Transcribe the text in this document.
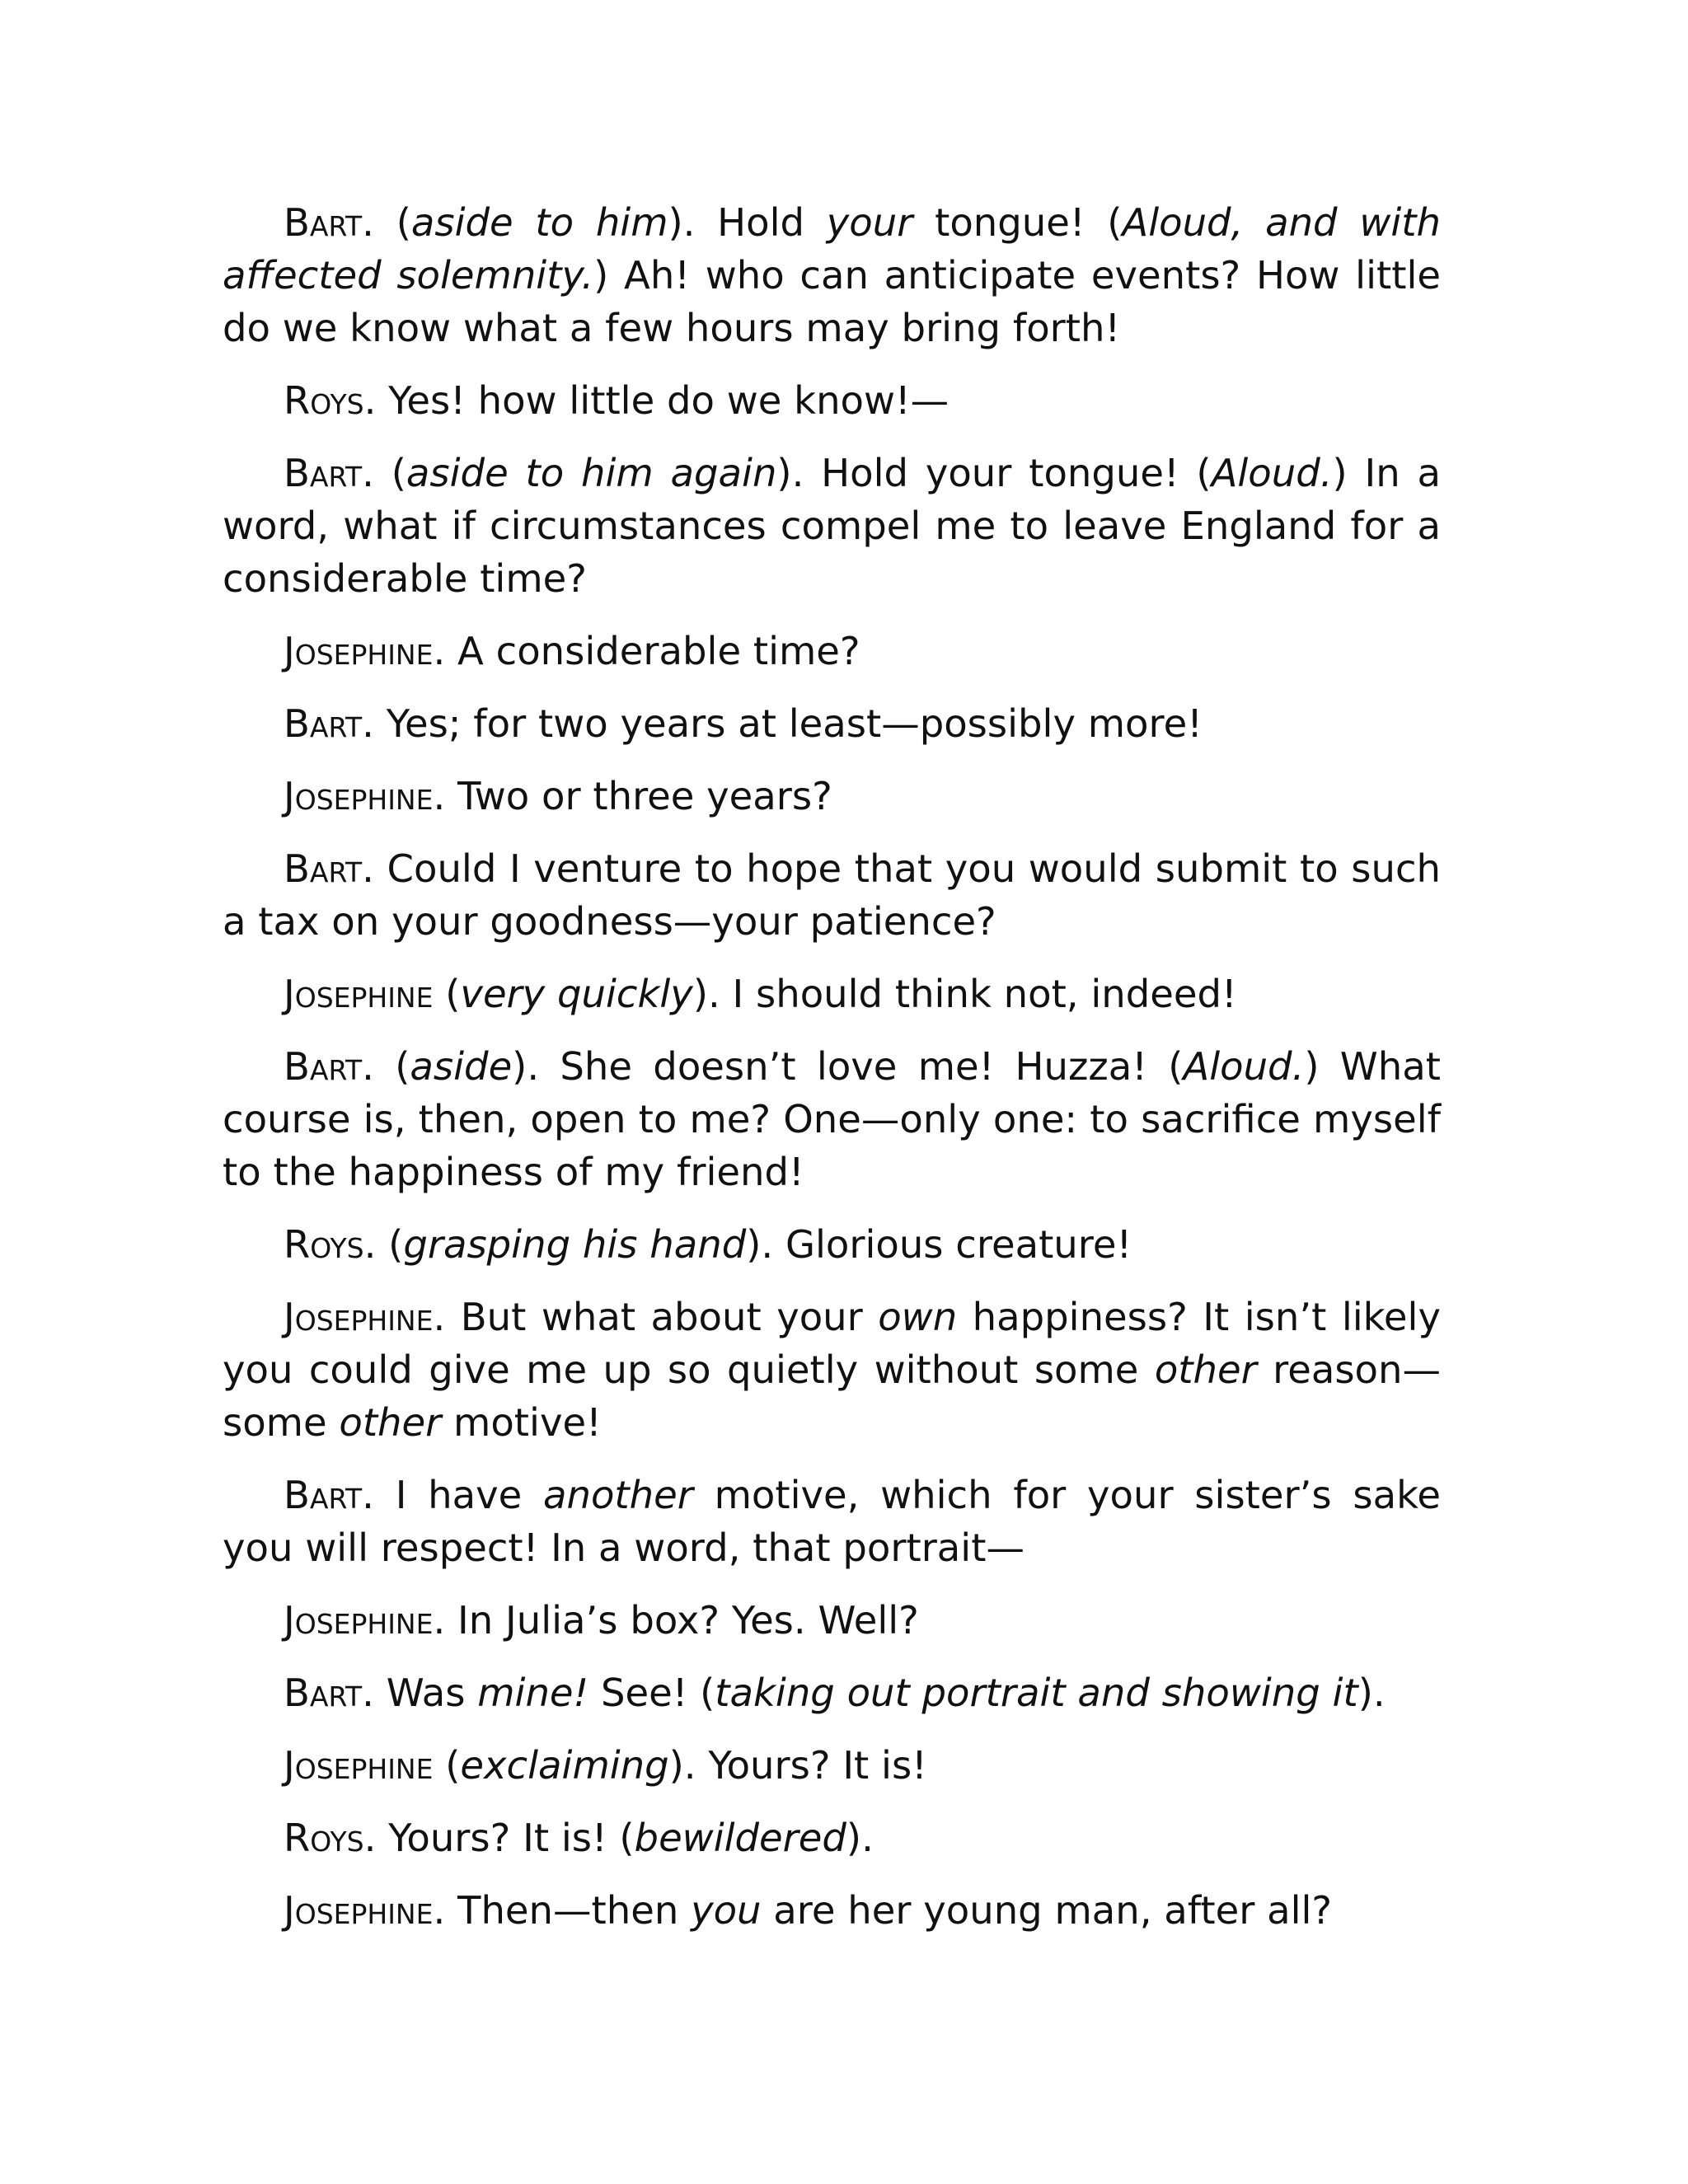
Bart. (aside to him). Hold your tongue! (Aloud, and with affected solemnity.) Ah! who can anticipate events? How little do we know what a few hours may bring forth!

Roys. Yes! how little do we know!—

Bart. (aside to him again). Hold your tongue! (Aloud.) In a word, what if circumstances compel me to leave England for a considerable time?

Josephine. A considerable time?

Bart. Yes; for two years at least—possibly more!

Josephine. Two or three years?

Bart. Could I venture to hope that you would submit to such a tax on your goodness—your patience?

Josephine (very quickly). I should think not, indeed!

Bart. (aside). She doesn’t love me! Huzza! (Aloud.) What course is, then, open to me? One—only one: to sacrifice myself to the happiness of my friend!

Roys. (grasping his hand). Glorious creature!

Josephine. But what about your own happiness? It isn’t likely you could give me up so quietly without some other reason—some other motive!

Bart. I have another motive, which for your sister’s sake you will respect! In a word, that portrait—

Josephine. In Julia’s box? Yes. Well?

Bart. Was mine! See! (taking out portrait and showing it).

Josephine (exclaiming). Yours? It is!

Roys. Yours? It is! (bewildered).

Josephine. Then—then you are her young man, after all?
